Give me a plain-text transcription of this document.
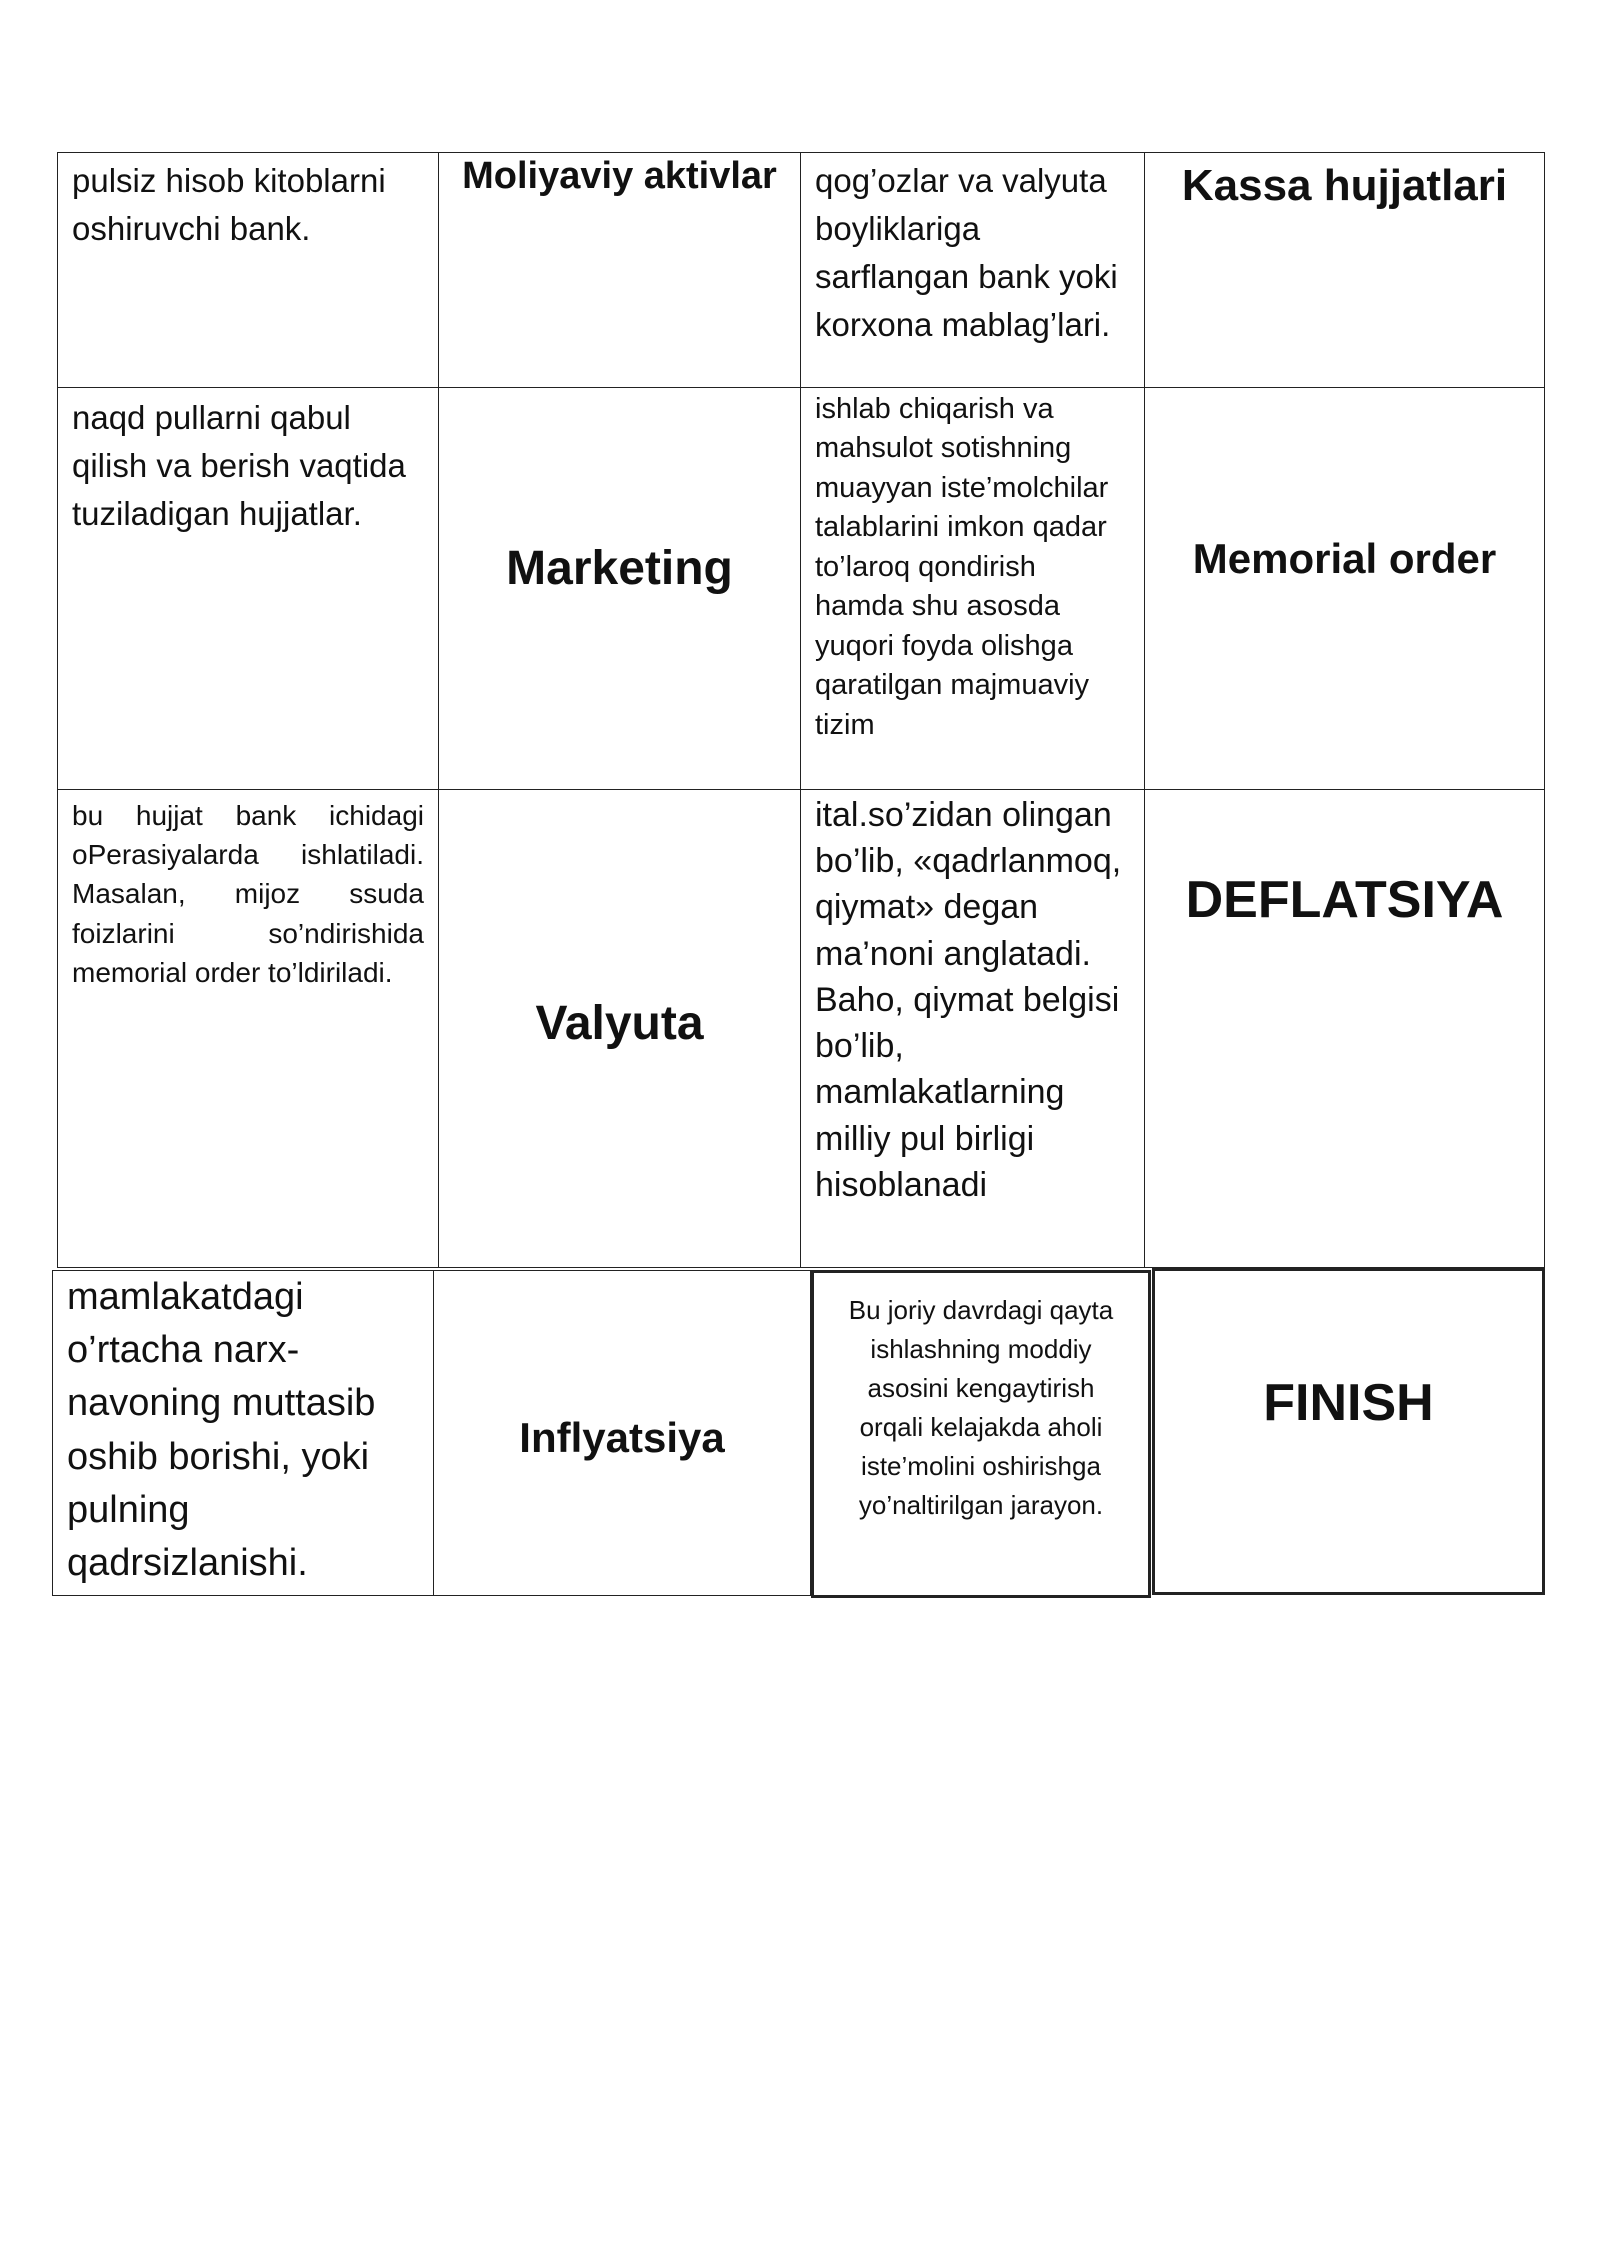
pulsiz hisob kitoblarni oshiruvchi bank.
Moliyaviy aktivlar	qog’ozlar va valyuta boyliklariga sarflangan bank yoki korxona mablag’lari.
Kassa hujjatlari
naqd pullarni qabul qilish va berish vaqtida tuziladigan hujjatlar.
Marketing
ishlab chiqarish va mahsulot sotishning muayyan iste’molchilar talablarini imkon qadar to’laroq qondirish hamda shu asosda yuqori foyda olishga qaratilgan majmuaviy tizim
Memorial order
bu hujjat bank ichidagi oPerasiyalarda ishlatiladi. Masalan, mijoz ssuda foizlarini so’ndirishida memorial order to’ldiriladi.
Valyuta
ital.so’zidan olingan bo’lib, «qadrlanmoq, qiymat» degan ma’noni anglatadi. Baho, qiymat belgisi bo’lib, mamlakatlarning milliy pul birligi hisoblanadi
DEFLATSIYA
mamlakatdagi o’rtacha narx-navoning muttasib oshib borishi, yoki pulning qadrsizlanishi.
Inflyatsiya
Bu joriy davrdagi qayta ishlashning moddiy asosini kengaytirish orqali kelajakda aholi iste’molini oshirishga yo’naltirilgan jarayon.
FINISH
